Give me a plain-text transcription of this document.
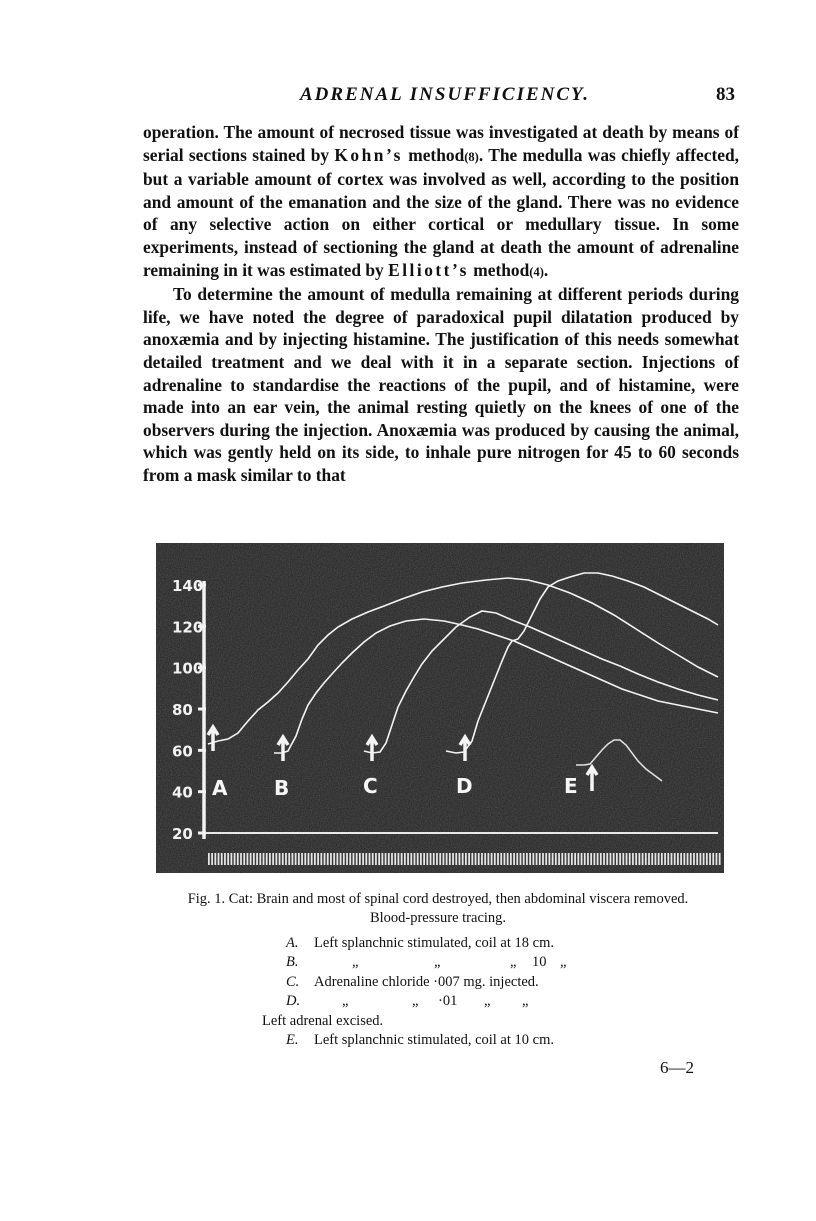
ADRENAL INSUFFICIENCY.	83

operation. The amount of necrosed tissue was investigated at death by means of serial sections stained by Kohn’s method(8). The medulla was chiefly affected, but a variable amount of cortex was involved as well, according to the position and amount of the emanation and the size of the gland. There was no evidence of any selective action on either cortical or medullary tissue. In some experiments, instead of sectioning the gland at death the amount of adrenaline remaining in it was estimated by Elliott’s method(4).

To determine the amount of medulla remaining at different periods during life, we have noted the degree of paradoxical pupil dilatation produced by anoxæmia and by injecting histamine. The justification of this needs somewhat detailed treatment and we deal with it in a separate section. Injections of adrenaline to standardise the reactions of the pupil, and of histamine, were made into an ear vein, the animal resting quietly on the knees of one of the observers during the injection. Anoxæmia was produced by causing the animal, which was gently held on its side, to inhale pure nitrogen for 45 to 60 seconds from a mask similar to that

140
120
100
80
60
40
20
A B	C	D	E
Fig. 1. Cat: Brain and most of spinal cord destroyed, then abdominal viscera removed.
Blood-pressure tracing.
A. Left splanchnic stimulated, coil at 18 cm.
B.	„	„	„ 10 „
C. Adrenaline chloride ·007 mg. injected.
D.	„	„ ·01 „ „
Left adrenal excised.
E. Left splanchnic stimulated, coil at 10 cm.
6—2
